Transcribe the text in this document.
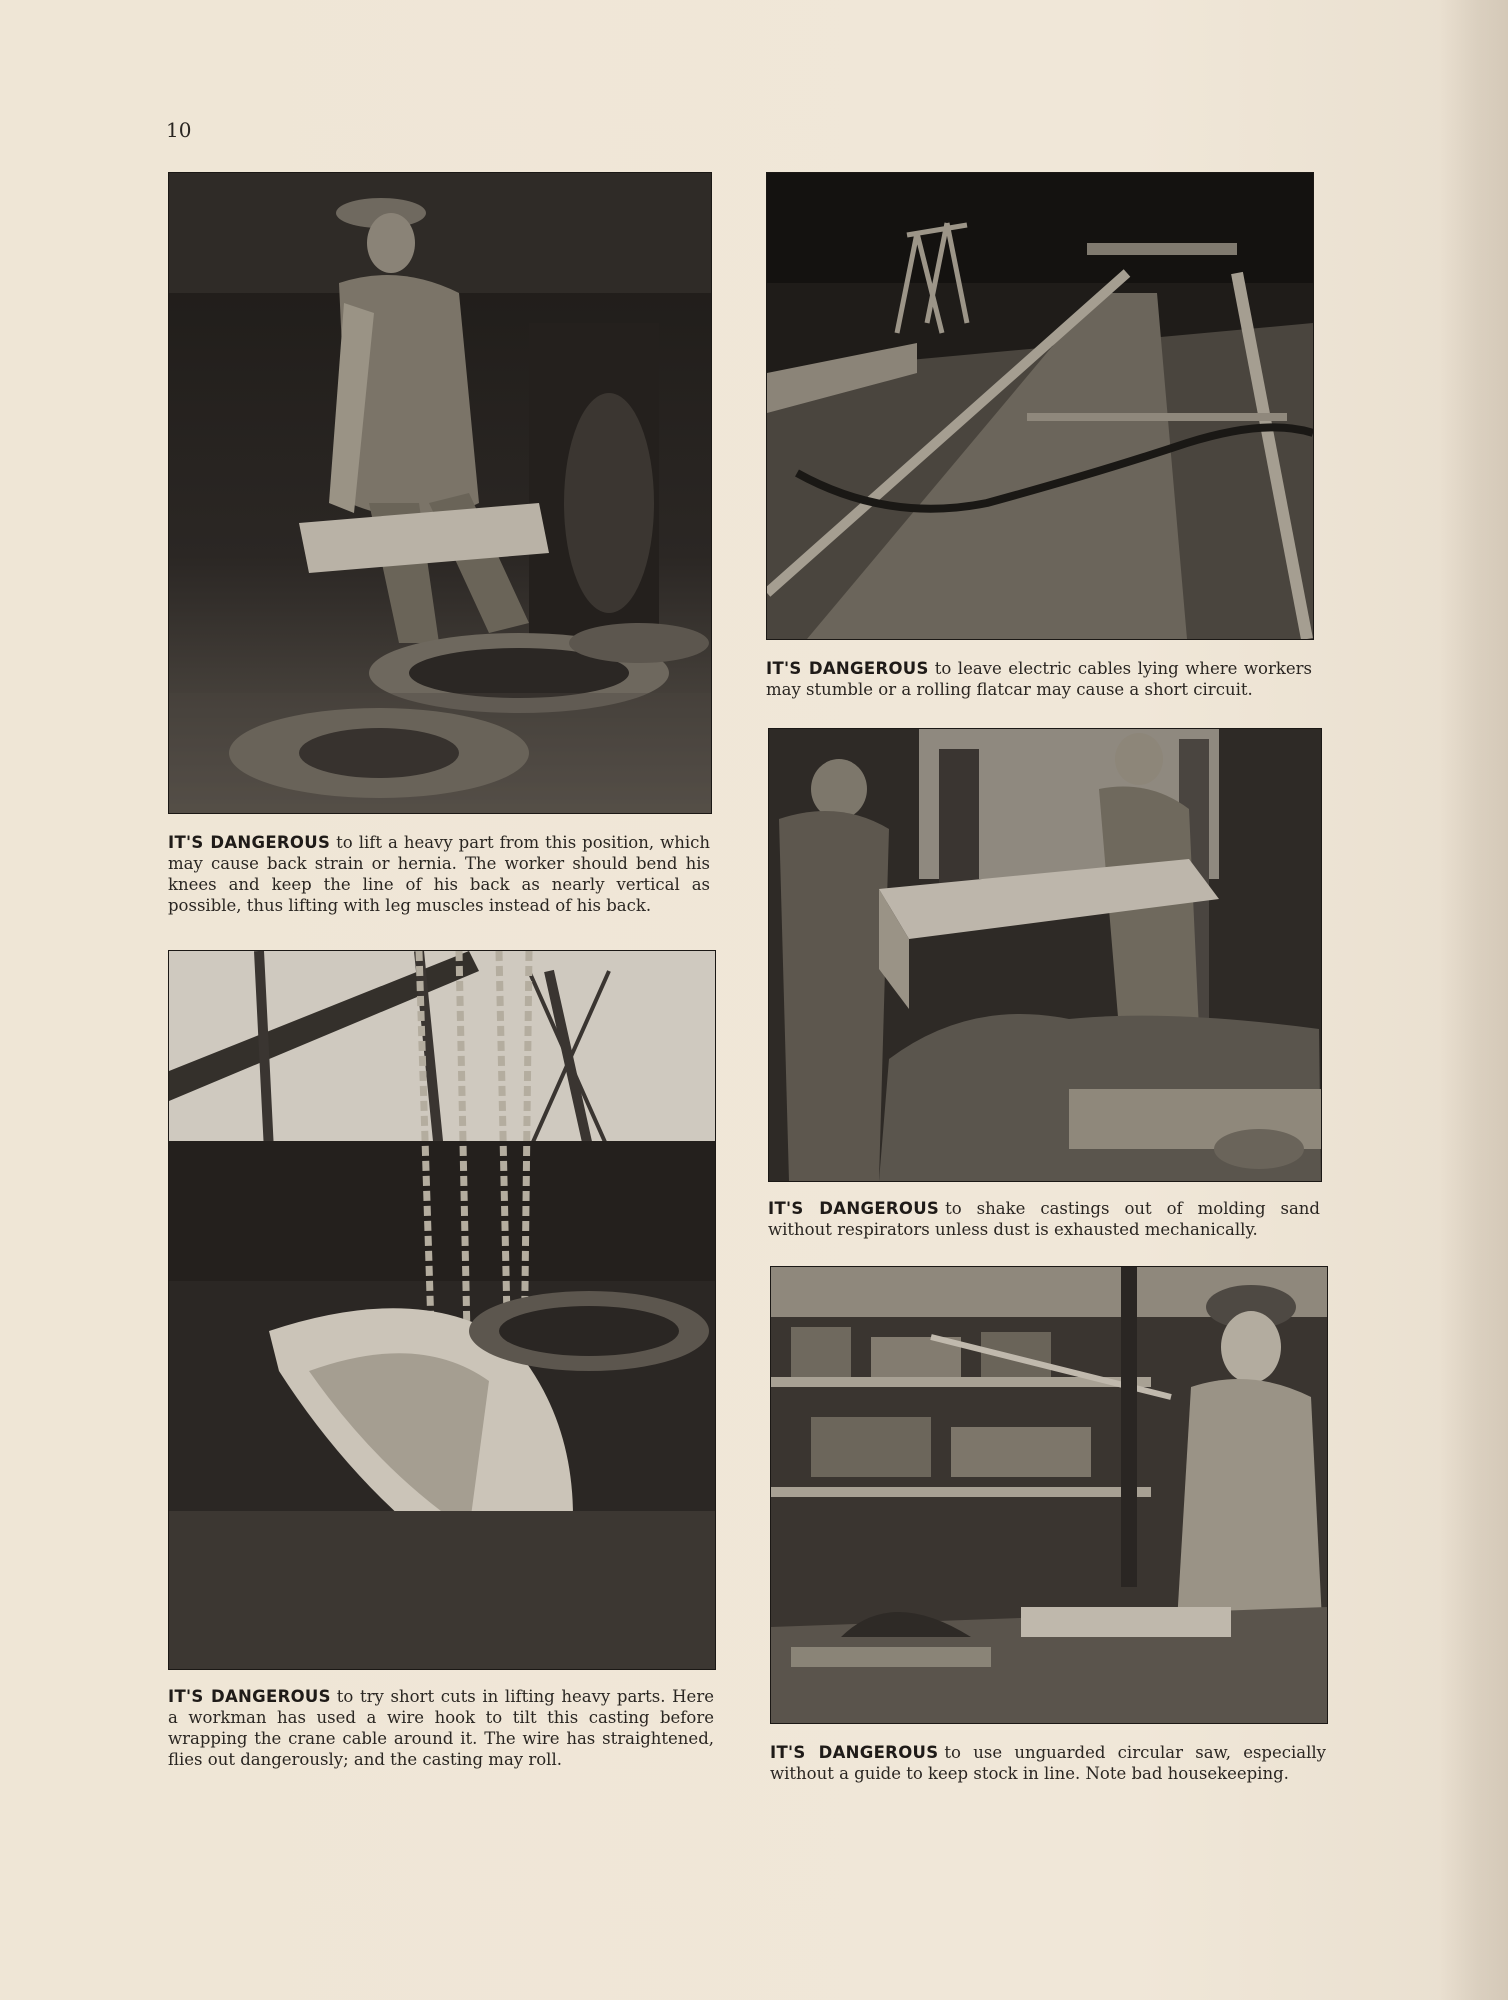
10
IT'S DANGEROUS to lift a heavy part from this position, which may cause back strain or hernia. The worker should bend his knees and keep the line of his back as nearly vertical as possible, thus lifting with leg muscles instead of his back.
IT'S DANGEROUS to leave electric cables lying where workers may stumble or a rolling flatcar may cause a short circuit.
IT'S DANGEROUS to shake castings out of molding sand without respirators unless dust is exhausted mechanically.
IT'S DANGEROUS to try short cuts in lifting heavy parts. Here a workman has used a wire hook to tilt this casting before wrapping the crane cable around it. The wire has straightened, flies out dangerously; and the casting may roll.	IT'S DANGEROUS to use unguarded circular saw, especially without a guide to keep stock in line. Note bad housekeeping.
